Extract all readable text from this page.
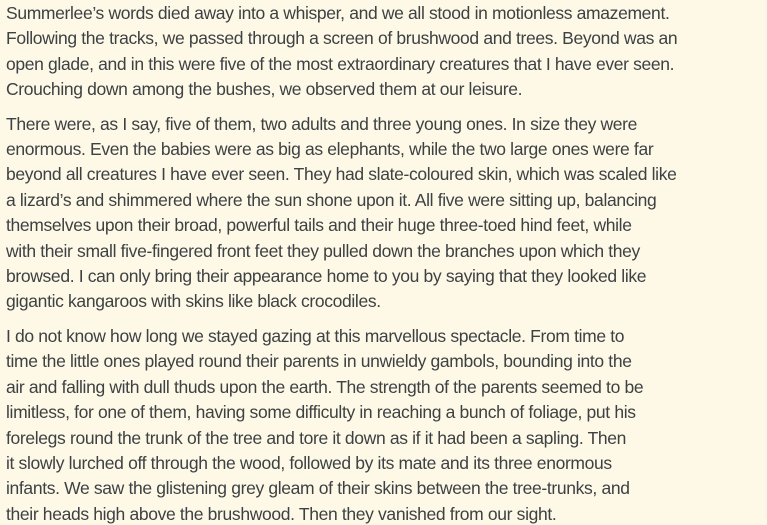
Summerlee’s words died away into a whisper, and we all stood in motionless amazement.
Following the tracks, we passed through a screen of brushwood and trees. Beyond was an
open glade, and in this were five of the most extraordinary creatures that I have ever seen.
Crouching down among the bushes, we observed them at our leisure.
There were, as I say, five of them, two adults and three young ones. In size they were
enormous. Even the babies were as big as elephants, while the two large ones were far
beyond all creatures I have ever seen. They had slate-coloured skin, which was scaled like
a lizard’s and shimmered where the sun shone upon it. All five were sitting up, balancing
themselves upon their broad, powerful tails and their huge three-toed hind feet, while
with their small five-fingered front feet they pulled down the branches upon which they
browsed. I can only bring their appearance home to you by saying that they looked like
gigantic kangaroos with skins like black crocodiles.
I do not know how long we stayed gazing at this marvellous spectacle. From time to
time the little ones played round their parents in unwieldy gambols, bounding into the
air and falling with dull thuds upon the earth. The strength of the parents seemed to be
limitless, for one of them, having some difficulty in reaching a bunch of foliage, put his
forelegs round the trunk of the tree and tore it down as if it had been a sapling. Then
it slowly lurched off through the wood, followed by its mate and its three enormous
infants. We saw the glistening grey gleam of their skins between the tree-trunks, and
their heads high above the brushwood. Then they vanished from our sight.
